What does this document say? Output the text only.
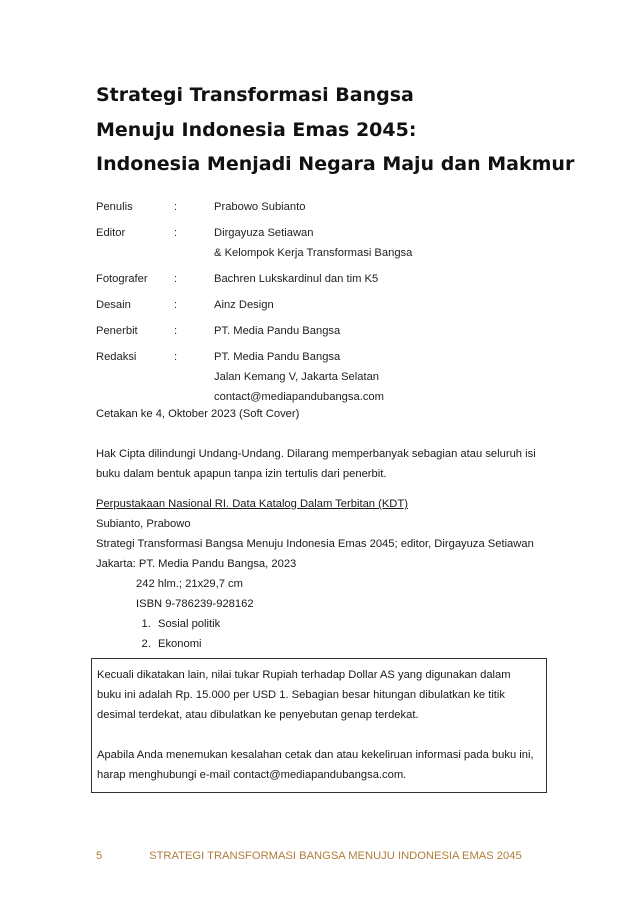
Strategi Transformasi Bangsa
Menuju Indonesia Emas 2045:
Indonesia Menjadi Negara Maju dan Makmur
Penulis	:	Prabowo Subianto
Editor	:	Dirgayuza Setiawan
& Kelompok Kerja Transformasi Bangsa
Fotografer	:	Bachren Lukskardinul dan tim K5
Desain	:	Ainz Design
Penerbit	:	PT. Media Pandu Bangsa
Redaksi	:	PT. Media Pandu Bangsa
Jalan Kemang V, Jakarta Selatan
contact@mediapandubangsa.com
Cetakan ke 4, Oktober 2023 (Soft Cover)
Hak Cipta dilindungi Undang-Undang. Dilarang memperbanyak sebagian atau seluruh isi buku dalam bentuk apapun tanpa izin tertulis dari penerbit.
Perpustakaan Nasional RI. Data Katalog Dalam Terbitan (KDT)
Subianto, Prabowo
Strategi Transformasi Bangsa Menuju Indonesia Emas 2045; editor, Dirgayuza Setiawan
Jakarta: PT. Media Pandu Bangsa, 2023
242 hlm.; 21x29,7 cm
ISBN 9-786239-928162
1. Sosial politik
2. Ekonomi

Kecuali dikatakan lain, nilai tukar Rupiah terhadap Dollar AS yang digunakan dalam buku ini adalah Rp. 15.000 per USD 1. Sebagian besar hitungan dibulatkan ke titik desimal terdekat, atau dibulatkan ke penyebutan genap terdekat.

Apabila Anda menemukan kesalahan cetak dan atau kekeliruan informasi pada buku ini, harap menghubungi e-mail contact@mediapandubangsa.com.

5	STRATEGI TRANSFORMASI BANGSA MENUJU INDONESIA EMAS 2045
